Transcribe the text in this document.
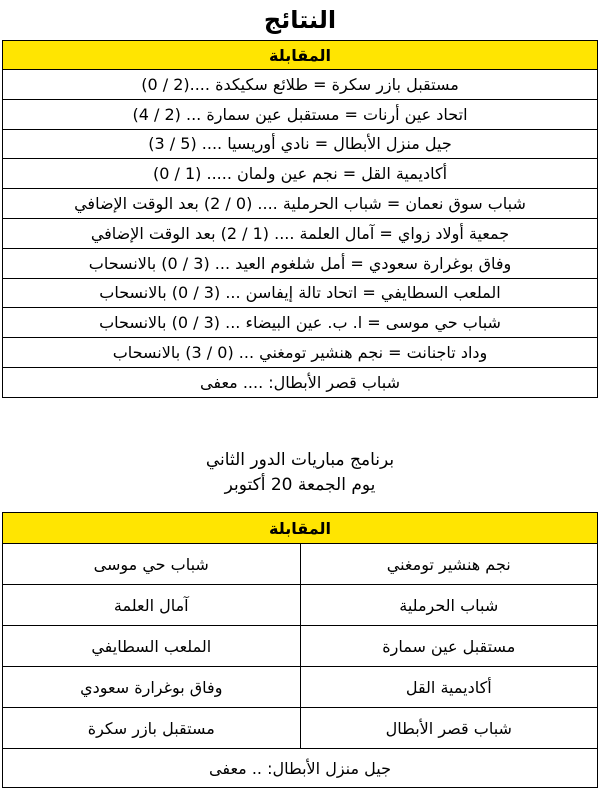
النتائج
المقابلة
مستقبل بازر سكرة = طلائع سكيكدة ....(2 / 0)
اتحاد عين أرنات = مستقبل عين سمارة ... (2 / 4)
جيل منزل الأبطال = نادي أوريسيا .... (5 / 3)
أكاديمية القل = نجم عين ولمان ..... (1 / 0)
شباب سوق نعمان = شباب الحرملية .... (0 / 2) بعد الوقت الإضافي
جمعية أولاد زواي = آمال العلمة .... (1 / 2) بعد الوقت الإضافي
وفاق بوغرارة سعودي = أمل شلغوم العيد ... (3 / 0) بالانسحاب
الملعب السطايفي = اتحاد تالة إيفاسن ... (3 / 0) بالانسحاب
شباب حي موسى = ا. ب. عين البيضاء ... (3 / 0) بالانسحاب
وداد تاجنانت = نجم هنشير تومغني ... (0 / 3) بالانسحاب
شباب قصر الأبطال: .... معفى
برنامج مباريات الدور الثاني
يوم الجمعة 20 أكتوبر
المقابلة	
نجم هنشير تومغني	شباب حي موسى
شباب الحرملية	آمال العلمة
مستقبل عين سمارة	الملعب السطايفي
أكاديمية القل	وفاق بوغرارة سعودي
شباب قصر الأبطال	مستقبل بازر سكرة
جيل منزل الأبطال: .. معفى	
